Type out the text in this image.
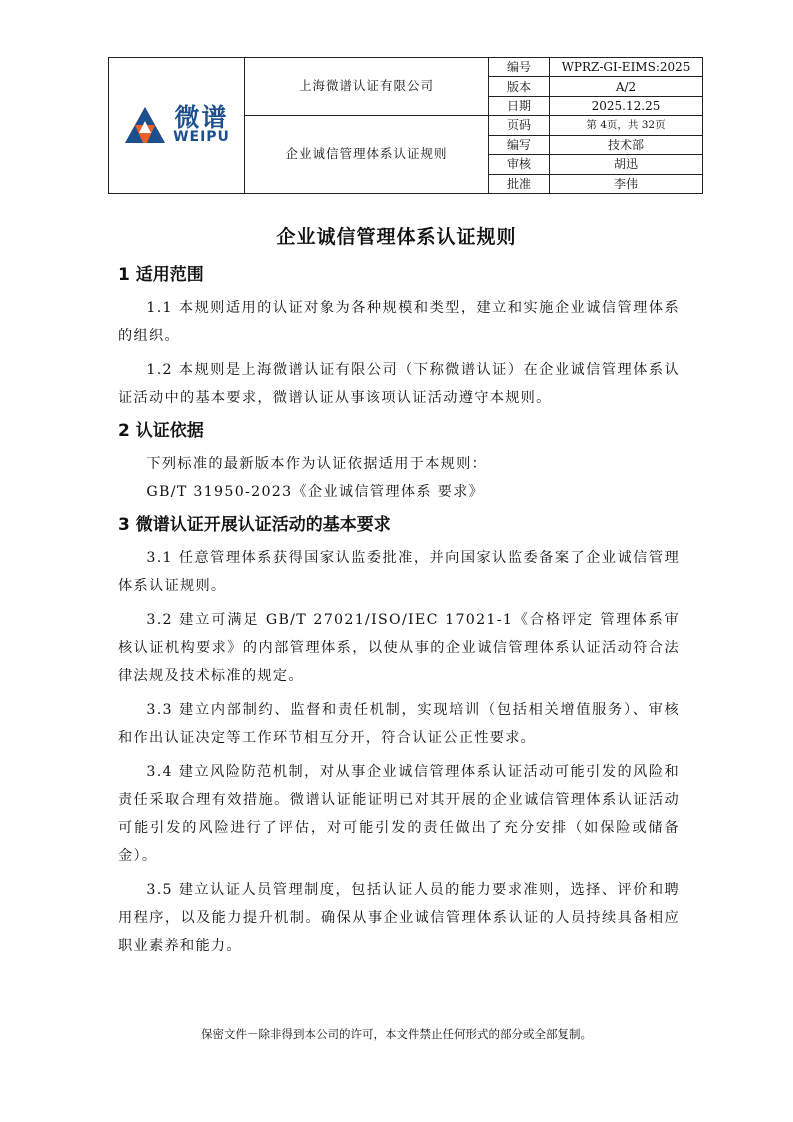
微谱
WEIPU	上海微谱认证有限公司	编号	WPRZ-GI-EIMS:2025
		版本	A/2
		日期	2025.12.25
	企业诚信管理体系认证规则	页码	第 4页，共 32页
		编写	技术部
		审核	胡迅
		批准	李伟
企业诚信管理体系认证规则
1 适用范围

1.1 本规则适用的认证对象为各种规模和类型，建立和实施企业诚信管理体系的组织。

1.2 本规则是上海微谱认证有限公司（下称微谱认证）在企业诚信管理体系认证活动中的基本要求，微谱认证从事该项认证活动遵守本规则。

2 认证依据

下列标准的最新版本作为认证依据适用于本规则：

GB/T 31950-2023《企业诚信管理体系 要求》

3 微谱认证开展认证活动的基本要求

3.1 任意管理体系获得国家认监委批准，并向国家认监委备案了企业诚信管理体系认证规则。

3.2 建立可满足 GB/T 27021/ISO/IEC 17021-1《合格评定 管理体系审核认证机构要求》的内部管理体系，以使从事的企业诚信管理体系认证活动符合法律法规及技术标准的规定。

3.3 建立内部制约、监督和责任机制，实现培训（包括相关增值服务）、审核和作出认证决定等工作环节相互分开，符合认证公正性要求。

3.4 建立风险防范机制，对从事企业诚信管理体系认证活动可能引发的风险和责任采取合理有效措施。微谱认证能证明已对其开展的企业诚信管理体系认证活动可能引发的风险进行了评估，对可能引发的责任做出了充分安排（如保险或储备金）。

3.5 建立认证人员管理制度，包括认证人员的能力要求准则，选择、评价和聘用程序，以及能力提升机制。确保从事企业诚信管理体系认证的人员持续具备相应职业素养和能力。

保密文件－除非得到本公司的许可，本文件禁止任何形式的部分或全部复制。
